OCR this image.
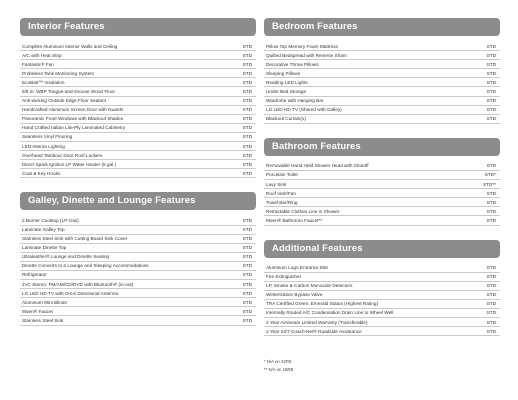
Interior Features
Complete Aluminum Interior Walls and Ceiling	STD
A/C with Heat Strip	STD
Fantastic® Fan	STD
Probeless Tank Monitoring System	STD
EcoBatt™ Insulation	STD
5/8 in. WBP Tongue-and-Groove Wood Floor	STD
Anti-wicking Outside Edge Floor Sealant	STD
Handcrafted Aluminum Screen Door with Guards	STD
Panoramic Front Windows with Blackout Shades	STD
Hand Crafted Italian Lite-Ply Laminated Cabinetry	STD
Seamless Vinyl Flooring	STD
LED Interior Lighting	STD
Overhead Tambour Door Roof Lockers	STD
Direct Spark Ignition LP Water Heater (6 gal.)	STD
Coat & Key Hooks	STD
Galley, Dinette and Lounge Features
2 Burner Cooktop (LP Gas)	STD
Laminate Galley Top	STD
Stainless Steel Sink with Cutting Board Sink Cover	STD
Laminate Dinette Top	STD
Ultraleather® Lounge and Dinette Seating	STD
Dinette Converts to a Lounge and Sleeping Accommodations	STD
Refrigerator	STD
JVC Stereo: FM/AM/CD/DVD with Bluetooth® (in-out)	STD
LG LED HD TV with Omni Directional Antenna	STD
Aluminum Mini Blinds	STD
Moen® Faucet	STD
Stainless Steel Sink	STD
Bedroom Features
Pillow Top Memory Foam Mattress	STD
Quilted Bedspread with Reverse Sham	STD
Decorative Throw Pillows	STD
Sleeping Pillows	STD
Reading LED Lights	STD
Under Bed Storage	STD
Wardrobe with Hanging Bar	STD
LG LED HD TV (Shared with Galley)	STD
Blackout Curtain(s)	STD
Bathroom Features
Removable Hand Held Shower Head with Shutoff	STD
Porcelain Toilet	STD*
Lavy Sink	STD**
Roof Vent/Fan	STD
Towel Bar/Ring	STD
Retractable Clothes Line in Shower	STD
Moen® Bathroom Faucet**	STD
Additional Features
Aluminum Logo Entrance Mat	STD
Fire Extinguisher	STD
LP, Smoke & Carbon Monoxide Detectors	STD
Winterization Bypass Valve	STD
TRA Certified Green: Emerald Status (Highest Rating)	STD
Internally Routed A/C Condensation Drain Line to Wheel Well	STD
2 Year Airstream Limited Warranty (Transferable)	STD
2 Year 24/7 Coach-Net® Roadside Assistance	STD
* N/A on 22FB
** N/A on 16RB
